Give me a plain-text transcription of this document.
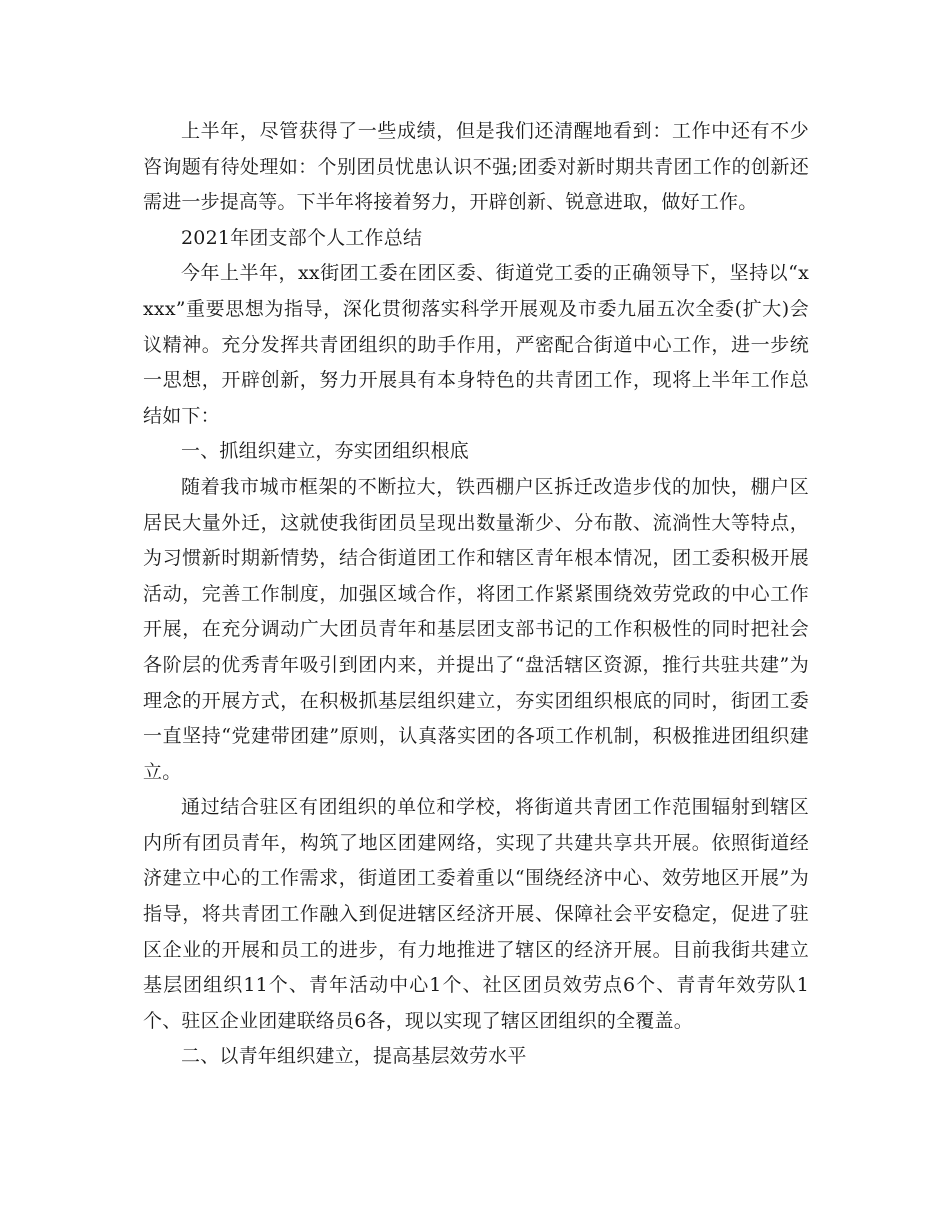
上半年，尽管获得了一些成绩，但是我们还清醒地看到：工作中还有不少咨询题有待处理如：个别团员忧患认识不强;团委对新时期共青团工作的创新还需进一步提高等。下半年将接着努力，开辟创新、锐意进取，做好工作。

2021年团支部个人工作总结

今年上半年，xx街团工委在团区委、街道党工委的正确领导下，坚持以“xxxx”重要思想为指导，深化贯彻落实科学开展观及市委九届五次全委(扩大)会议精神。充分发挥共青团组织的助手作用，严密配合街道中心工作，进一步统一思想，开辟创新，努力开展具有本身特色的共青团工作，现将上半年工作总结如下：

一、抓组织建立，夯实团组织根底

随着我市城市框架的不断拉大，铁西棚户区拆迁改造步伐的加快，棚户区居民大量外迁，这就使我街团员呈现出数量渐少、分布散、流淌性大等特点，为习惯新时期新情势，结合街道团工作和辖区青年根本情况，团工委积极开展活动，完善工作制度，加强区域合作，将团工作紧紧围绕效劳党政的中心工作开展，在充分调动广大团员青年和基层团支部书记的工作积极性的同时把社会各阶层的优秀青年吸引到团内来，并提出了“盘活辖区资源，推行共驻共建”为理念的开展方式，在积极抓基层组织建立，夯实团组织根底的同时，街团工委一直坚持“党建带团建”原则，认真落实团的各项工作机制，积极推进团组织建立。

通过结合驻区有团组织的单位和学校，将街道共青团工作范围辐射到辖区内所有团员青年，构筑了地区团建网络，实现了共建共享共开展。依照街道经济建立中心的工作需求，街道团工委着重以“围绕经济中心、效劳地区开展”为指导，将共青团工作融入到促进辖区经济开展、保障社会平安稳定，促进了驻区企业的开展和员工的进步，有力地推进了辖区的经济开展。目前我街共建立基层团组织11个、青年活动中心1个、社区团员效劳点6个、青青年效劳队1个、驻区企业团建联络员6各，现以实现了辖区团组织的全覆盖。

二、以青年组织建立，提高基层效劳水平
